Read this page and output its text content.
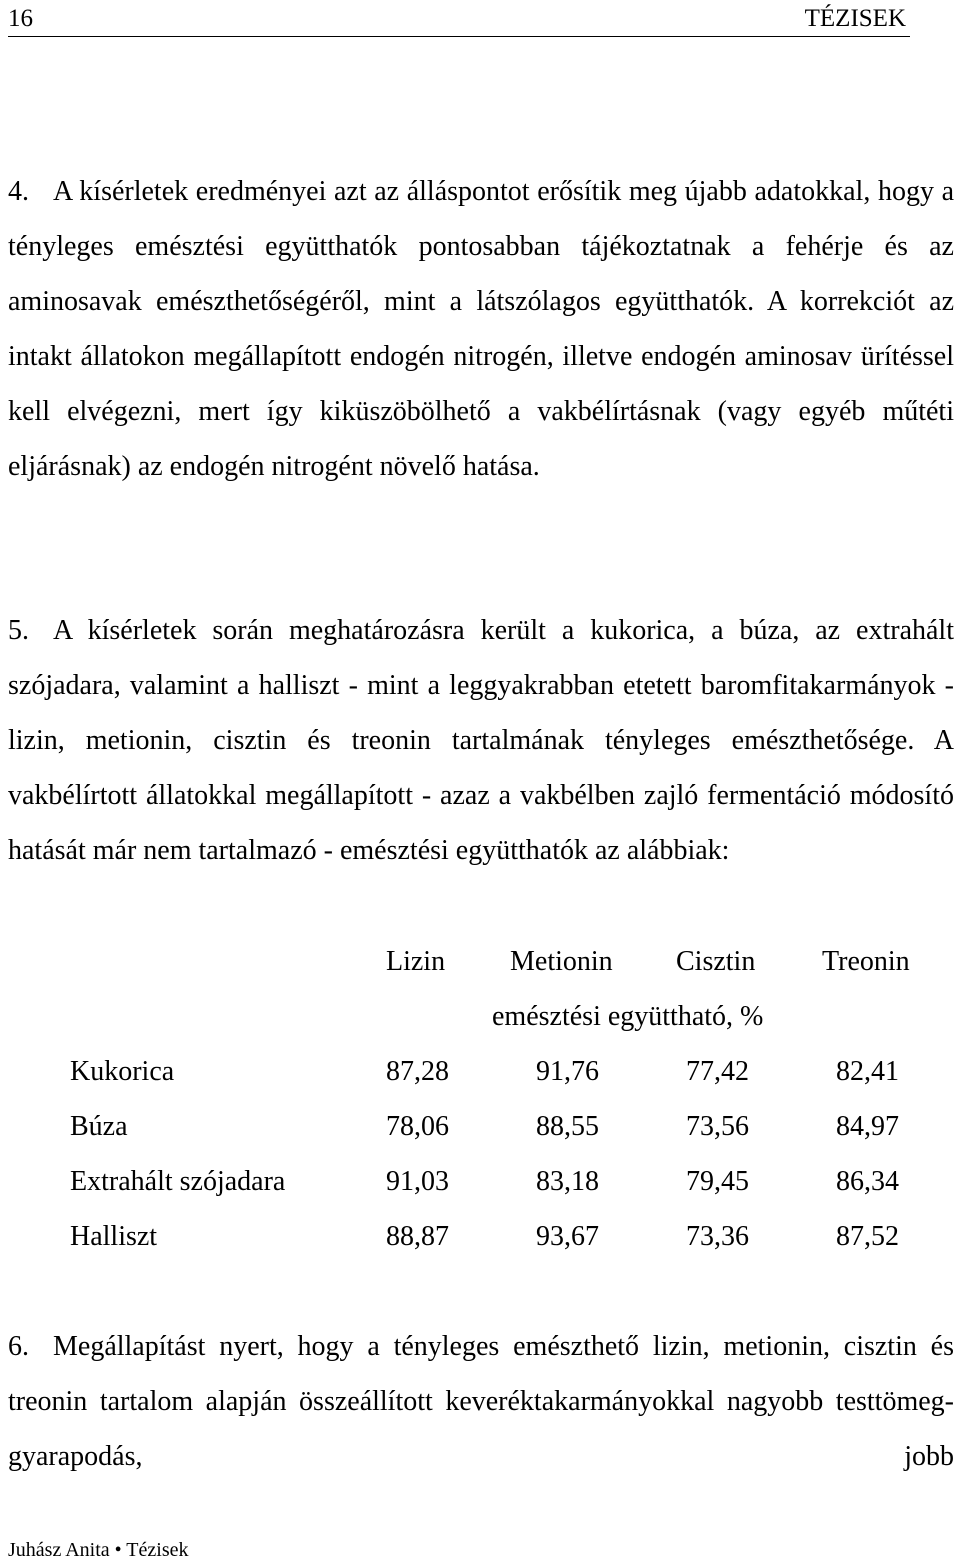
16	TÉZISEK

4. A kísérletek eredményei azt az álláspontot erősítik meg újabb adatokkal, hogy a tényleges emésztési együtthatók pontosabban tájékoztatnak a fehérje és az aminosavak emészthetőségéről, mint a látszólagos együtthatók. A korrekciót az intakt állatokon megállapított endogén nitrogén, illetve endogén aminosav ürítéssel kell elvégezni, mert így kiküszöbölhető a vakbélírtásnak (vagy egyéb műtéti eljárásnak) az endogén nitrogént növelő hatása.

5. A kísérletek során meghatározásra került a kukorica, a búza, az extrahált szójadara, valamint a halliszt - mint a leggyakrabban etetett baromfitakarmányok - lizin, metionin, cisztin és treonin tartalmának tényleges emészthetősége. A vakbélírtott állatokkal megállapított - azaz a vakbélben zajló fermentáció módosító hatását már nem tartalmazó - emésztési együtthatók az alábbiak:

Lizin Metionin Cisztin Treonin
emésztési együttható, %
Kukorica	87,28	91,76	77,42	82,41
Búza	78,06	88,55	73,56	84,97
Extrahált szójadara	91,03	83,18	79,45	86,34
Halliszt	88,87	93,67	73,36	87,52

6. Megállapítást nyert, hogy a tényleges emészthető lizin, metionin, cisztin és treonin tartalom alapján összeállított keveréktakarmányokkal nagyobb testtömeg-gyarapodás, jobb

Juhász Anita • Tézisek
